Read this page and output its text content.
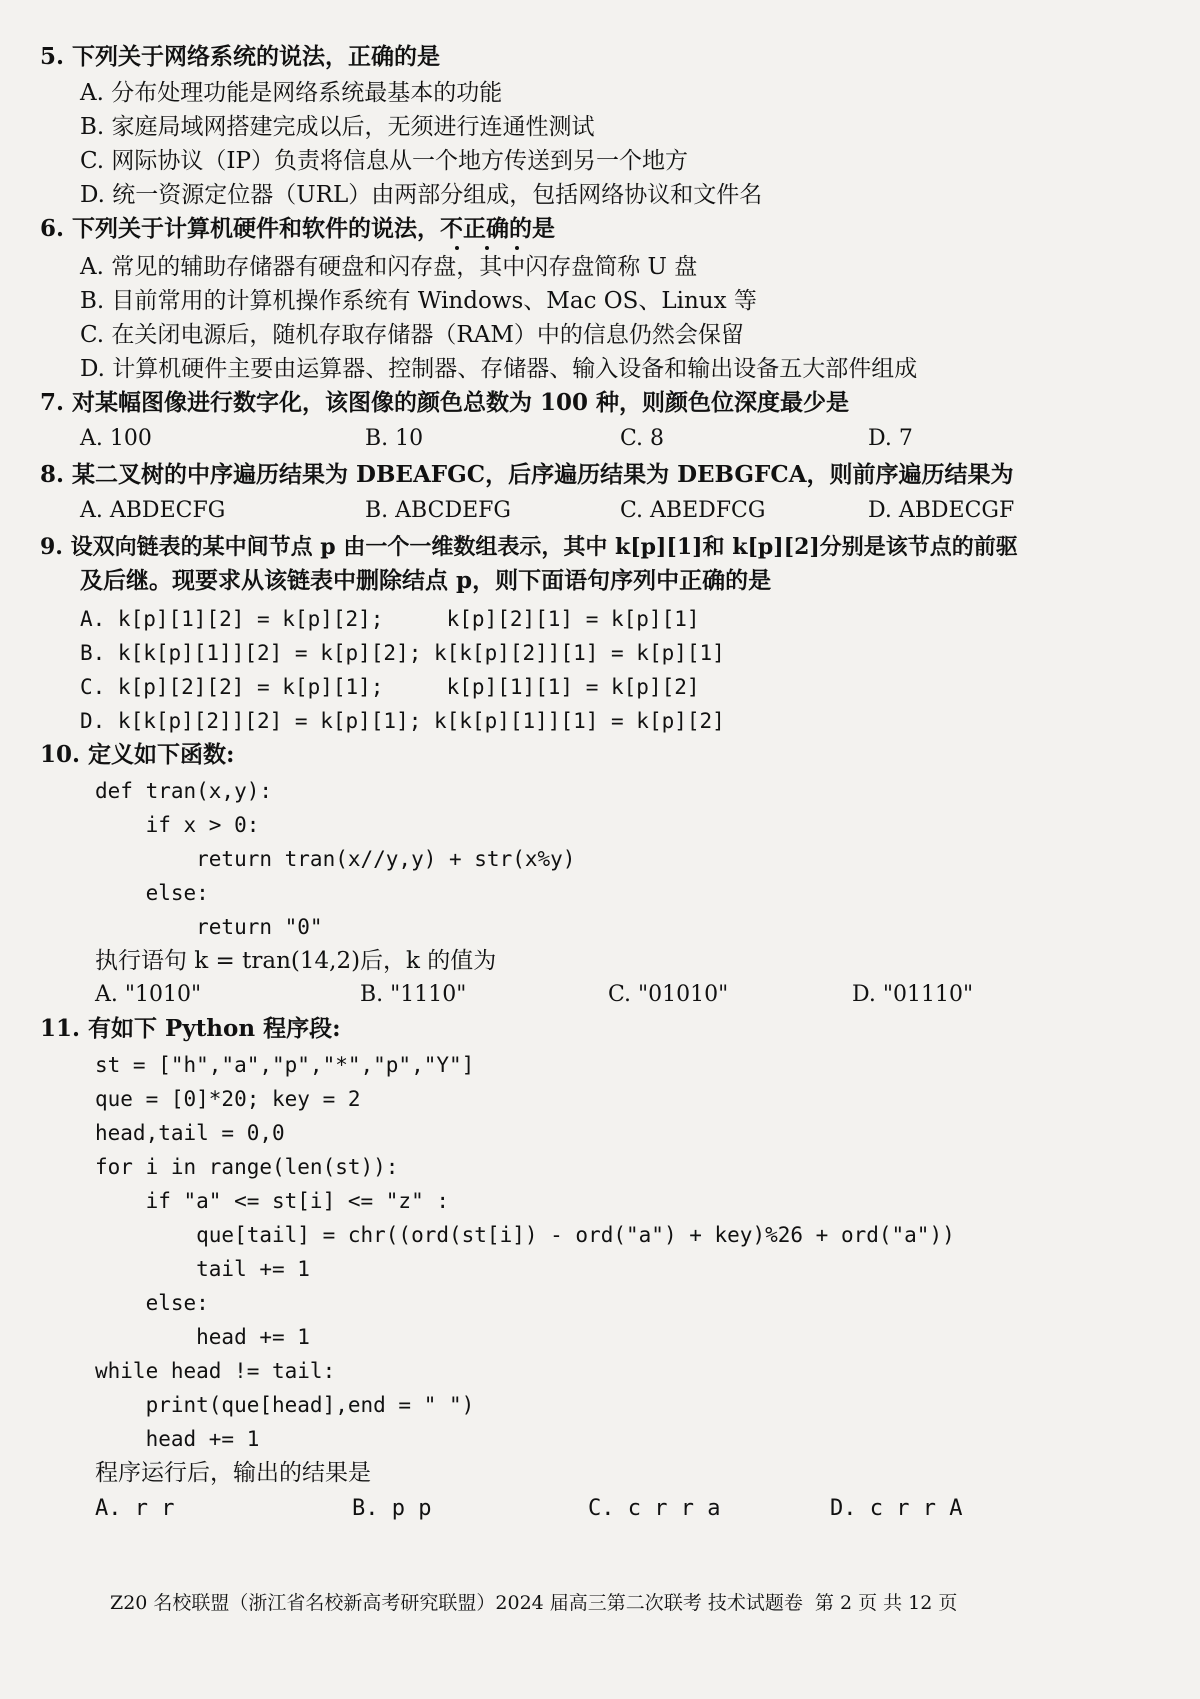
5. 下列关于网络系统的说法，正确的是
A. 分布处理功能是网络系统最基本的功能
B. 家庭局域网搭建完成以后，无须进行连通性测试
C. 网际协议（IP）负责将信息从一个地方传送到另一个地方
D. 统一资源定位器（URL）由两部分组成，包括网络协议和文件名
6. 下列关于计算机硬件和软件的说法，不正确的是
A. 常见的辅助存储器有硬盘和闪存盘，其中闪存盘简称 U 盘
B. 目前常用的计算机操作系统有 Windows、Mac OS、Linux 等
C. 在关闭电源后，随机存取存储器（RAM）中的信息仍然会保留
D. 计算机硬件主要由运算器、控制器、存储器、输入设备和输出设备五大部件组成
7. 对某幅图像进行数字化，该图像的颜色总数为 100 种，则颜色位深度最少是
A. 100	B. 10	C. 8	D. 7
8. 某二叉树的中序遍历结果为 DBEAFGC，后序遍历结果为 DEBGFCA，则前序遍历结果为
A. ABDECFG	B. ABCDEFG	C. ABEDFCG	D. ABDECGF
9. 设双向链表的某中间节点 p 由一个一维数组表示，其中 k[p][1]和 k[p][2]分别是该节点的前驱
及后继。现要求从该链表中删除结点 p，则下面语句序列中正确的是
A. k[p][1][2] = k[p][2];     k[p][2][1] = k[p][1]
B. k[k[p][1]][2] = k[p][2]; k[k[p][2]][1] = k[p][1]
C. k[p][2][2] = k[p][1];     k[p][1][1] = k[p][2]
D. k[k[p][2]][2] = k[p][1]; k[k[p][1]][1] = k[p][2]
10. 定义如下函数:
def tran(x,y):
if x > 0:
return tran(x//y,y) + str(x%y)
else:
return "0"
执行语句 k = tran(14,2)后，k 的值为
A. "1010"	B. "1110"	C. "01010"	D. "01110"
11. 有如下 Python 程序段:
st = ["h","a","p","*","p","Y"]
que = [0]*20; key = 2
head,tail = 0,0
for i in range(len(st)):
if "a" <= st[i] <= "z" :
que[tail] = chr((ord(st[i]) - ord("a") + key)%26 + ord("a"))
tail += 1
else:
head += 1
while head != tail:
print(que[head],end = " ")
head += 1
程序运行后，输出的结果是
A. r r	B. p p	C. c r r a	D. c r r A
Z20 名校联盟（浙江省名校新高考研究联盟）2024 届高三第二次联考 技术试题卷  第 2 页 共 12 页
